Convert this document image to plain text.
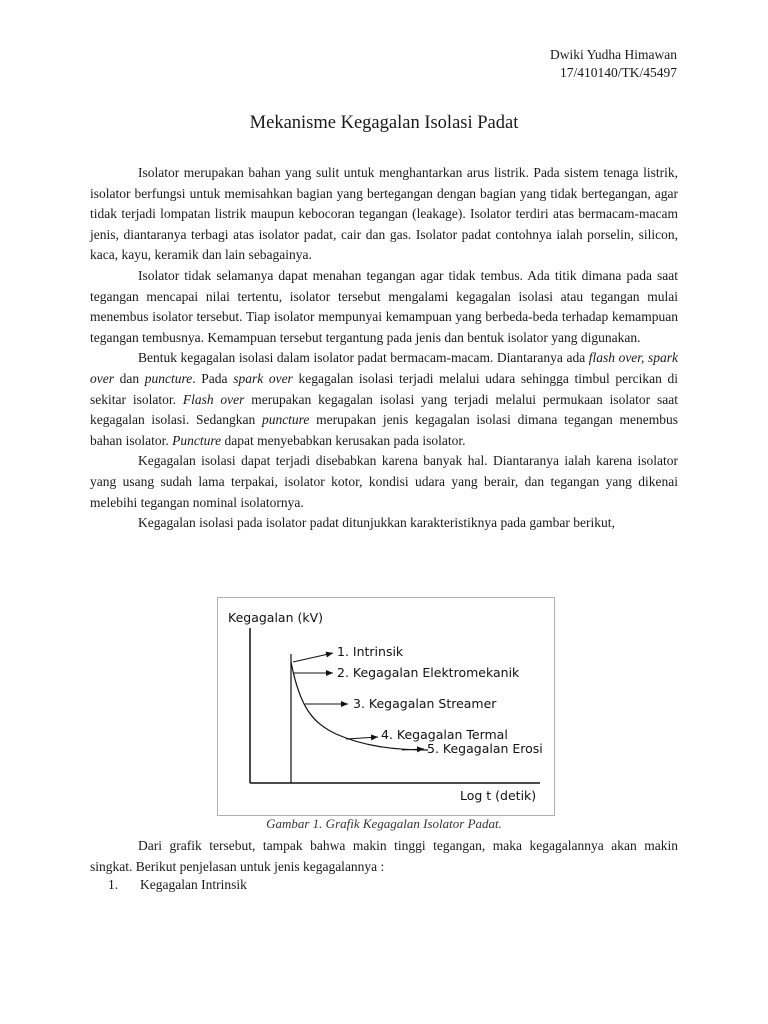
Dwiki Yudha Himawan
17/410140/TK/45497
Mekanisme Kegagalan Isolasi Padat

Isolator merupakan bahan yang sulit untuk menghantarkan arus listrik. Pada sistem tenaga listrik, isolator berfungsi untuk memisahkan bagian yang bertegangan dengan bagian yang tidak bertegangan, agar tidak terjadi lompatan listrik maupun kebocoran tegangan (leakage). Isolator terdiri atas bermacam-macam jenis, diantaranya terbagi atas isolator padat, cair dan gas. Isolator padat contohnya ialah porselin, silicon, kaca, kayu, keramik dan lain sebagainya.

Isolator tidak selamanya dapat menahan tegangan agar tidak tembus. Ada titik dimana pada saat tegangan mencapai nilai tertentu, isolator tersebut mengalami kegagalan isolasi atau tegangan mulai menembus isolator tersebut. Tiap isolator mempunyai kemampuan yang berbeda-beda terhadap kemampuan tegangan tembusnya. Kemampuan tersebut tergantung pada jenis dan bentuk isolator yang digunakan.

Bentuk kegagalan isolasi dalam isolator padat bermacam-macam. Diantaranya ada flash over, spark over dan puncture. Pada spark over kegagalan isolasi terjadi melalui udara sehingga timbul percikan di sekitar isolator. Flash over merupakan kegagalan isolasi yang terjadi melalui permukaan isolator saat kegagalan isolasi. Sedangkan puncture merupakan jenis kegagalan isolasi dimana tegangan menembus bahan isolator. Puncture dapat menyebabkan kerusakan pada isolator.

Kegagalan isolasi dapat terjadi disebabkan karena banyak hal. Diantaranya ialah karena isolator yang usang sudah lama terpakai, isolator kotor, kondisi udara yang berair, dan tegangan yang dikenai melebihi tegangan nominal isolatornya.

Kegagalan isolasi pada isolator padat ditunjukkan karakteristiknya pada gambar berikut,

Kegagalan (kV)
1. Intrinsik
2. Kegagalan Elektromekanik
3. Kegagalan Streamer
4. Kegagalan Termal
5. Kegagalan Erosi
Log t (detik)
Gambar 1. Grafik Kegagalan Isolator Padat.

Dari grafik tersebut, tampak bahwa makin tinggi tegangan, maka kegagalannya akan makin singkat. Berikut penjelasan untuk jenis kegagalannya :

1. Kegagalan Intrinsik
